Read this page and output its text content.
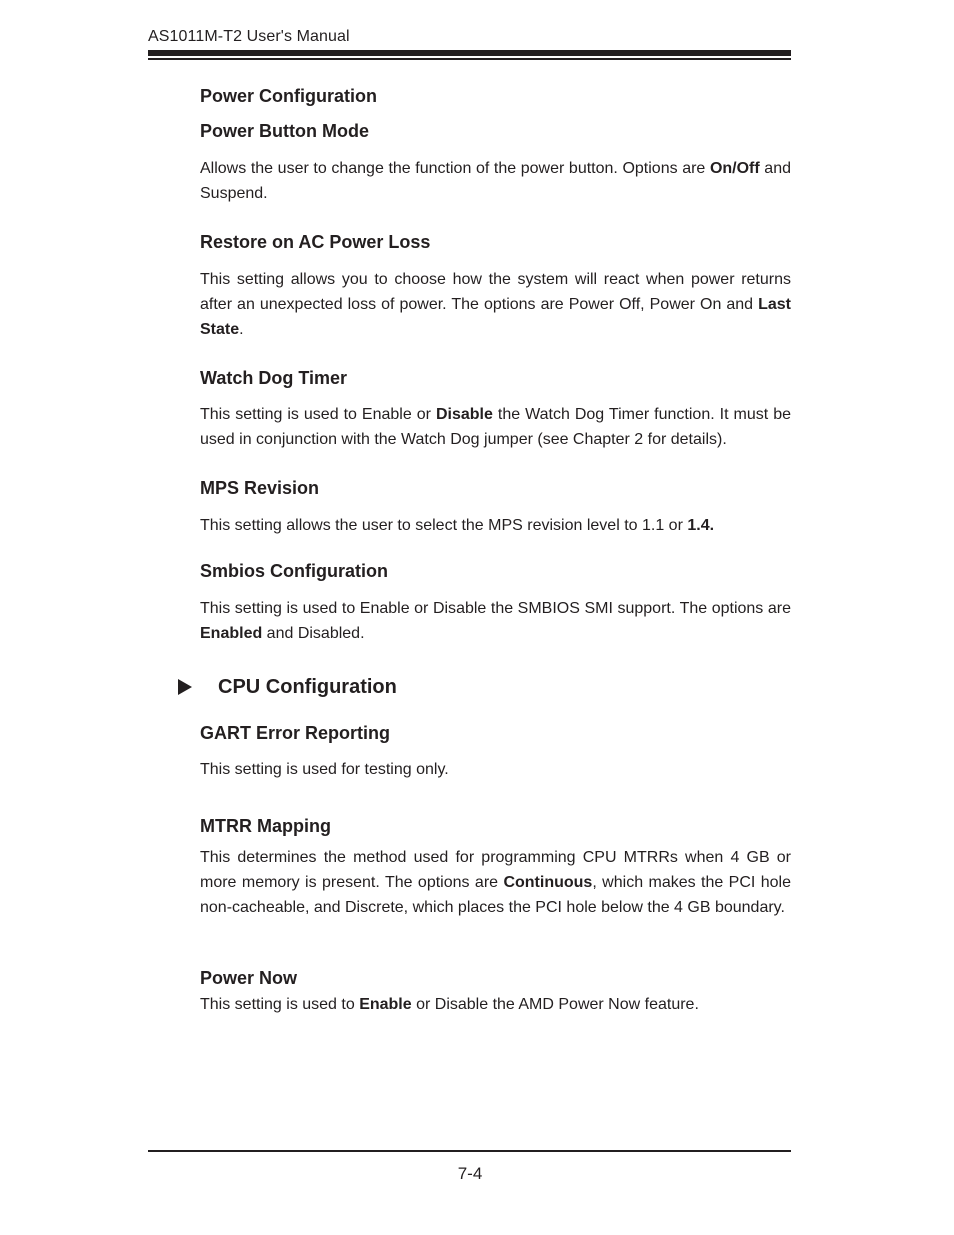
AS1011M-T2 User's Manual
Power Configuration
Power Button Mode

Allows the user to change the function of the power button. Options are On/Off and Suspend.

Restore on AC Power Loss

This setting allows you to choose how the system will react when power returns after an unexpected loss of power. The options are Power Off, Power On and Last State.

Watch Dog Timer

This setting is used to Enable or Disable the Watch Dog Timer function. It must be used in conjunction with the Watch Dog jumper (see Chapter 2 for details).

MPS Revision

This setting allows the user to select the MPS revision level to 1.1 or 1.4.

Smbios Configuration

This setting is used to Enable or Disable the SMBIOS SMI support. The options are Enabled and Disabled.

CPU Configuration
GART Error Reporting

This setting is used for testing only.

MTRR Mapping

This determines the method used for programming CPU MTRRs when 4 GB or more memory is present. The options are Continuous, which makes the PCI hole non-cacheable, and Discrete, which places the PCI hole below the 4 GB boundary.

Power Now

This setting is used to Enable or Disable the AMD Power Now feature.

7-4
